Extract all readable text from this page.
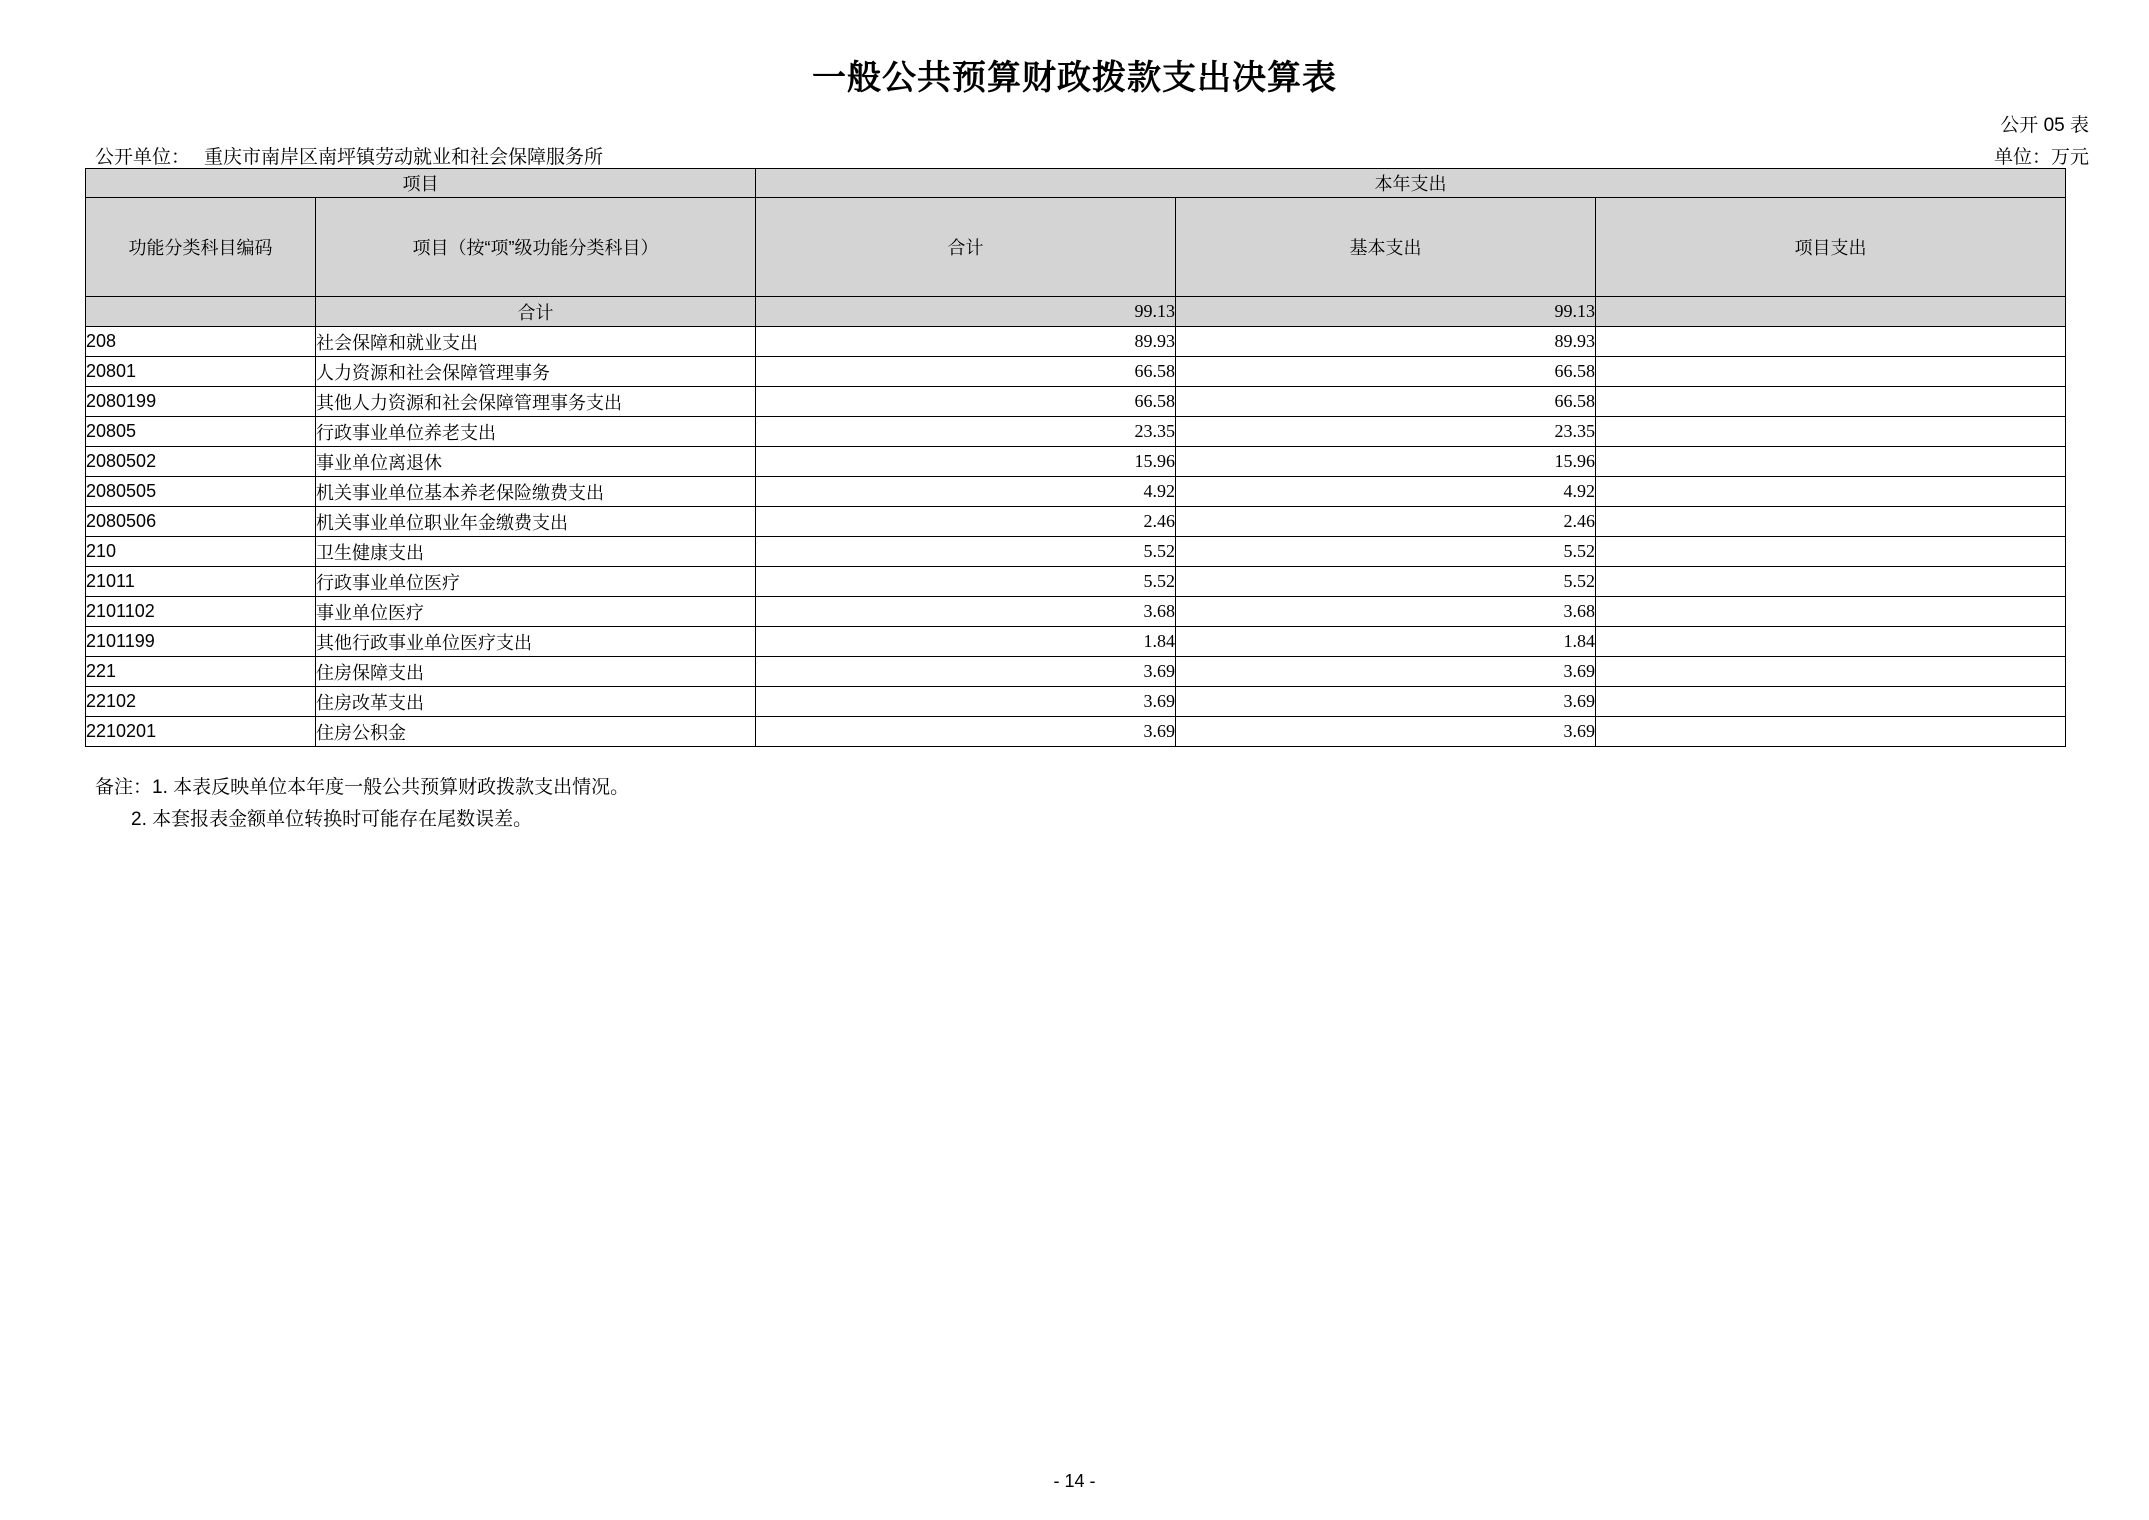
一般公共预算财政拨款支出决算表
公开 05 表
单位：万元
公开单位： 重庆市南岸区南坪镇劳动就业和社会保障服务所
项目		本年支出		
功能分类科目编码	项目（按“项”级功能分类科目）	合计	基本支出	项目支出
	合计	99.13	99.13	
208	社会保障和就业支出	89.93	89.93	
20801	人力资源和社会保障管理事务	66.58	66.58	
2080199	其他人力资源和社会保障管理事务支出	66.58	66.58	
20805	行政事业单位养老支出	23.35	23.35	
2080502	事业单位离退休	15.96	15.96	
2080505	机关事业单位基本养老保险缴费支出	4.92	4.92	
2080506	机关事业单位职业年金缴费支出	2.46	2.46	
210	卫生健康支出	5.52	5.52	
21011	行政事业单位医疗	5.52	5.52	
2101102	事业单位医疗	3.68	3.68	
2101199	其他行政事业单位医疗支出	1.84	1.84	
221	住房保障支出	3.69	3.69	
22102	住房改革支出	3.69	3.69	
2210201	住房公积金	3.69	3.69	
备注：1. 本表反映单位本年度一般公共预算财政拨款支出情况。
2. 本套报表金额单位转换时可能存在尾数误差。
- 14 -
